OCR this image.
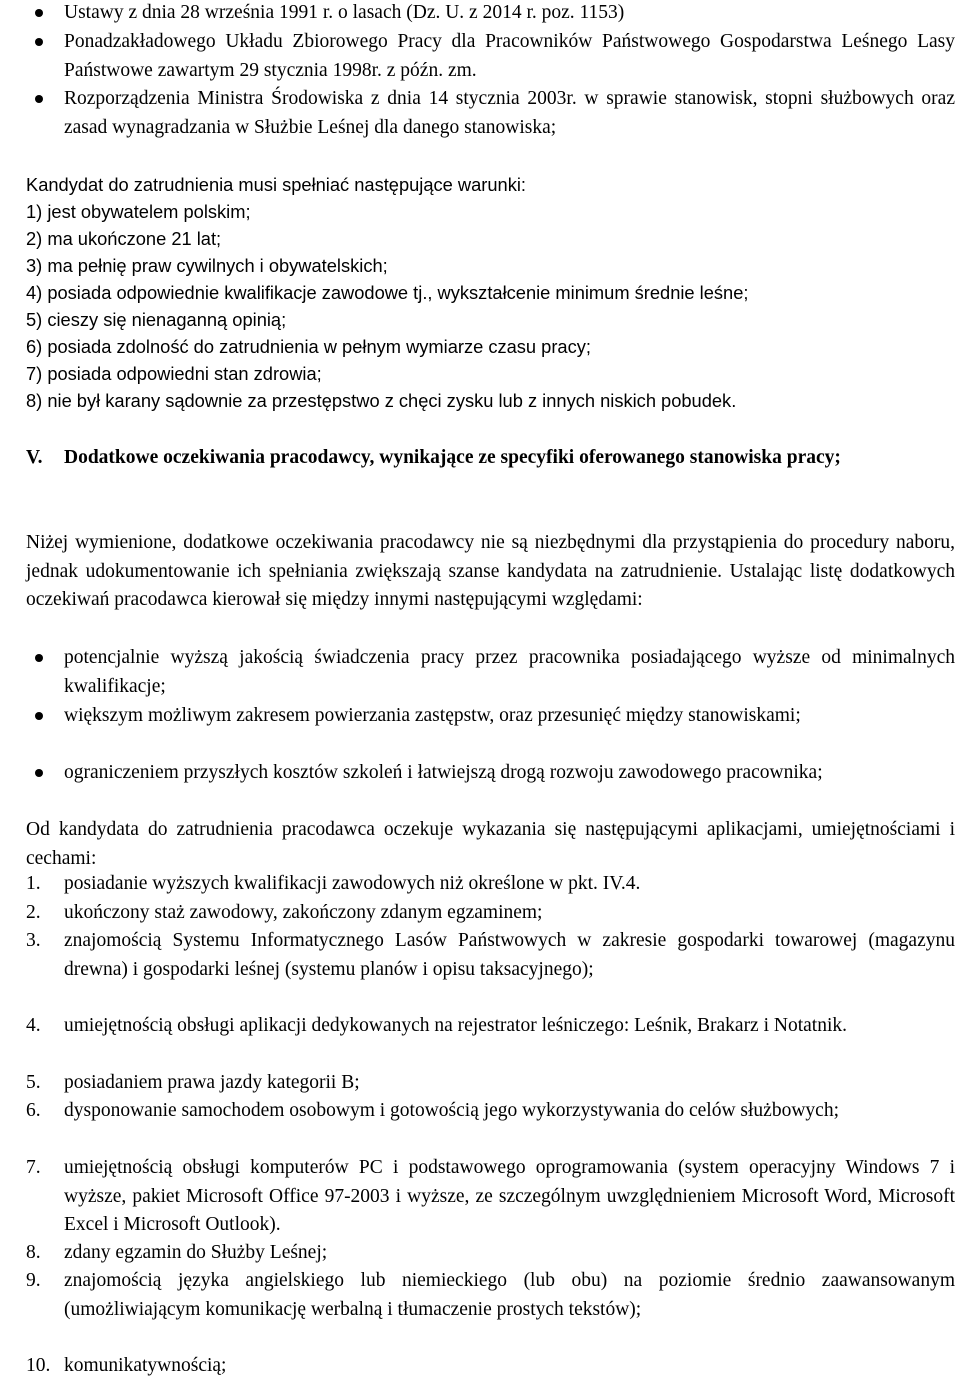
Ustawy z dnia 28 września 1991 r. o lasach (Dz. U. z 2014 r. poz. 1153)
Ponadzakładowego Układu Zbiorowego Pracy dla Pracowników Państwowego Gospodarstwa Leśnego Lasy Państwowe zawartym 29 stycznia 1998r. z późn. zm.
Rozporządzenia Ministra Środowiska z dnia 14 stycznia 2003r. w sprawie stanowisk, stopni służbowych oraz zasad wynagradzania w Służbie Leśnej dla danego stanowiska;

Kandydat do zatrudnienia musi spełniać następujące warunki:

1) jest obywatelem polskim;

2) ma ukończone 21 lat;

3) ma pełnię praw cywilnych i obywatelskich;

4) posiada odpowiednie kwalifikacje zawodowe tj., wykształcenie minimum średnie leśne;

5) cieszy się nienaganną opinią;

6) posiada zdolność do zatrudnienia w pełnym wymiarze czasu pracy;

7) posiada odpowiedni stan zdrowia;

8) nie był karany sądownie za przestępstwo z chęci zysku lub z innych niskich pobudek.

V. Dodatkowe oczekiwania pracodawcy, wynikające ze specyfiki oferowanego stanowiska pracy;

Niżej wymienione, dodatkowe oczekiwania pracodawcy nie są niezbędnymi dla przystąpienia do procedury naboru, jednak udokumentowanie ich spełniania zwiększają szanse kandydata na zatrudnienie. Ustalając listę dodatkowych oczekiwań pracodawca kierował się między innymi następującymi względami:

potencjalnie wyższą jakością świadczenia pracy przez pracownika posiadającego wyższe od minimalnych kwalifikacje;
większym możliwym zakresem powierzania zastępstw, oraz przesunięć między stanowiskami;
ograniczeniem przyszłych kosztów szkoleń i łatwiejszą drogą rozwoju zawodowego pracownika;

Od kandydata do zatrudnienia pracodawca oczekuje wykazania się następującymi aplikacjami, umiejętnościami i cechami:

1.	posiadanie wyższych kwalifikacji zawodowych niż określone w pkt. IV.4.
2.	ukończony staż zawodowy, zakończony zdanym egzaminem;
3.	znajomością Systemu Informatycznego Lasów Państwowych w zakresie gospodarki towarowej (magazynu drewna) i gospodarki leśnej (systemu planów i opisu taksacyjnego);
4.	umiejętnością obsługi aplikacji dedykowanych na rejestrator leśniczego: Leśnik, Brakarz i Notatnik.
5.	posiadaniem prawa jazdy kategorii B;
6.	dysponowanie samochodem osobowym i gotowością jego wykorzystywania do celów służbowych;
7.	umiejętnością obsługi komputerów PC i podstawowego oprogramowania (system operacyjny Windows 7 i wyższe, pakiet Microsoft Office 97-2003 i wyższe, ze szczególnym uwzględnieniem Microsoft Word, Microsoft Excel i Microsoft Outlook).
8.	zdany egzamin do Służby Leśnej;
9.	znajomością języka angielskiego lub niemieckiego (lub obu) na poziomie średnio zaawansowanym (umożliwiającym komunikację werbalną i tłumaczenie prostych tekstów);
10. komunikatywnością;
